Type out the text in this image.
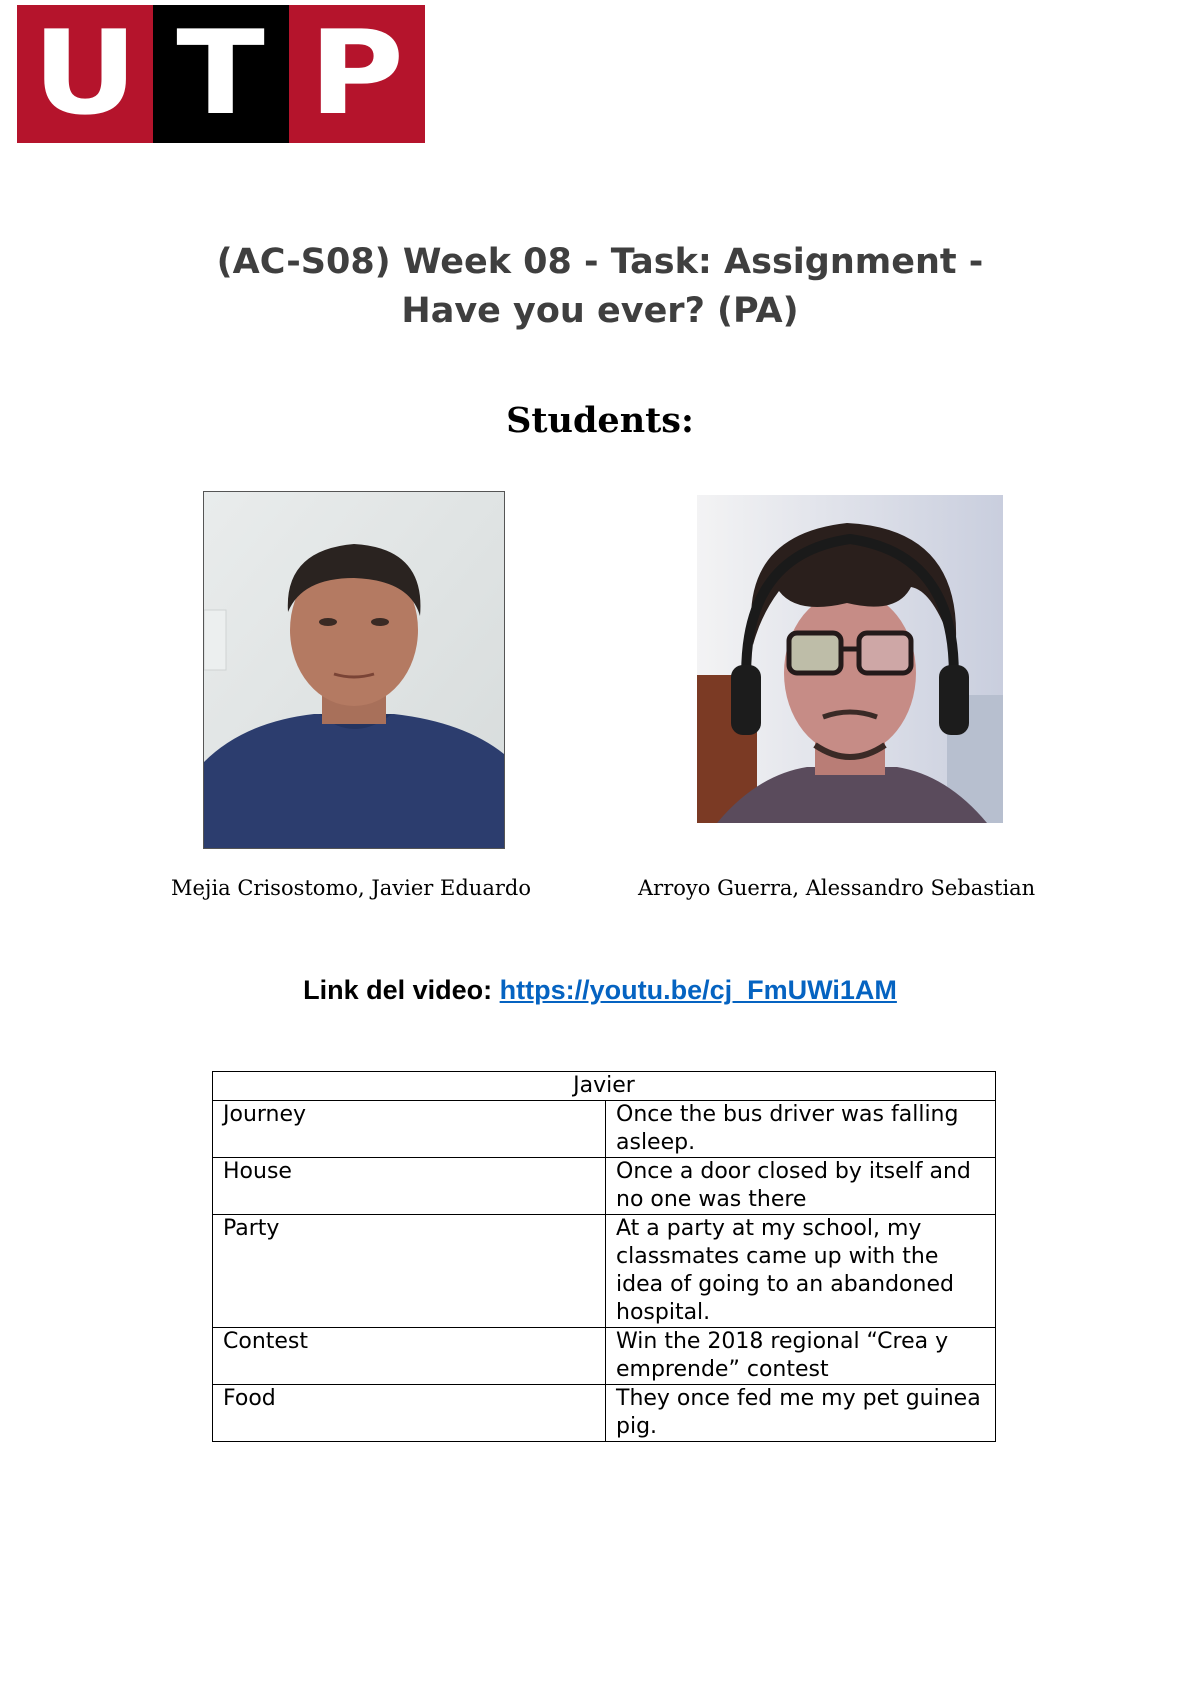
U T P
(AC-S08) Week 08 - Task: Assignment -
Have you ever? (PA)
Students:
Mejia Crisostomo, Javier Eduardo	Arroyo Guerra, Alessandro Sebastian
Link del video: https://youtu.be/cj_FmUWi1AM
Javier	
Journey	Once the bus driver was falling asleep.
House	Once a door closed by itself and no one was there
Party	At a party at my school, my classmates came up with the idea of going to an abandoned hospital.
Contest	Win the 2018 regional “Crea y emprende” contest
Food	They once fed me my pet guinea pig.
